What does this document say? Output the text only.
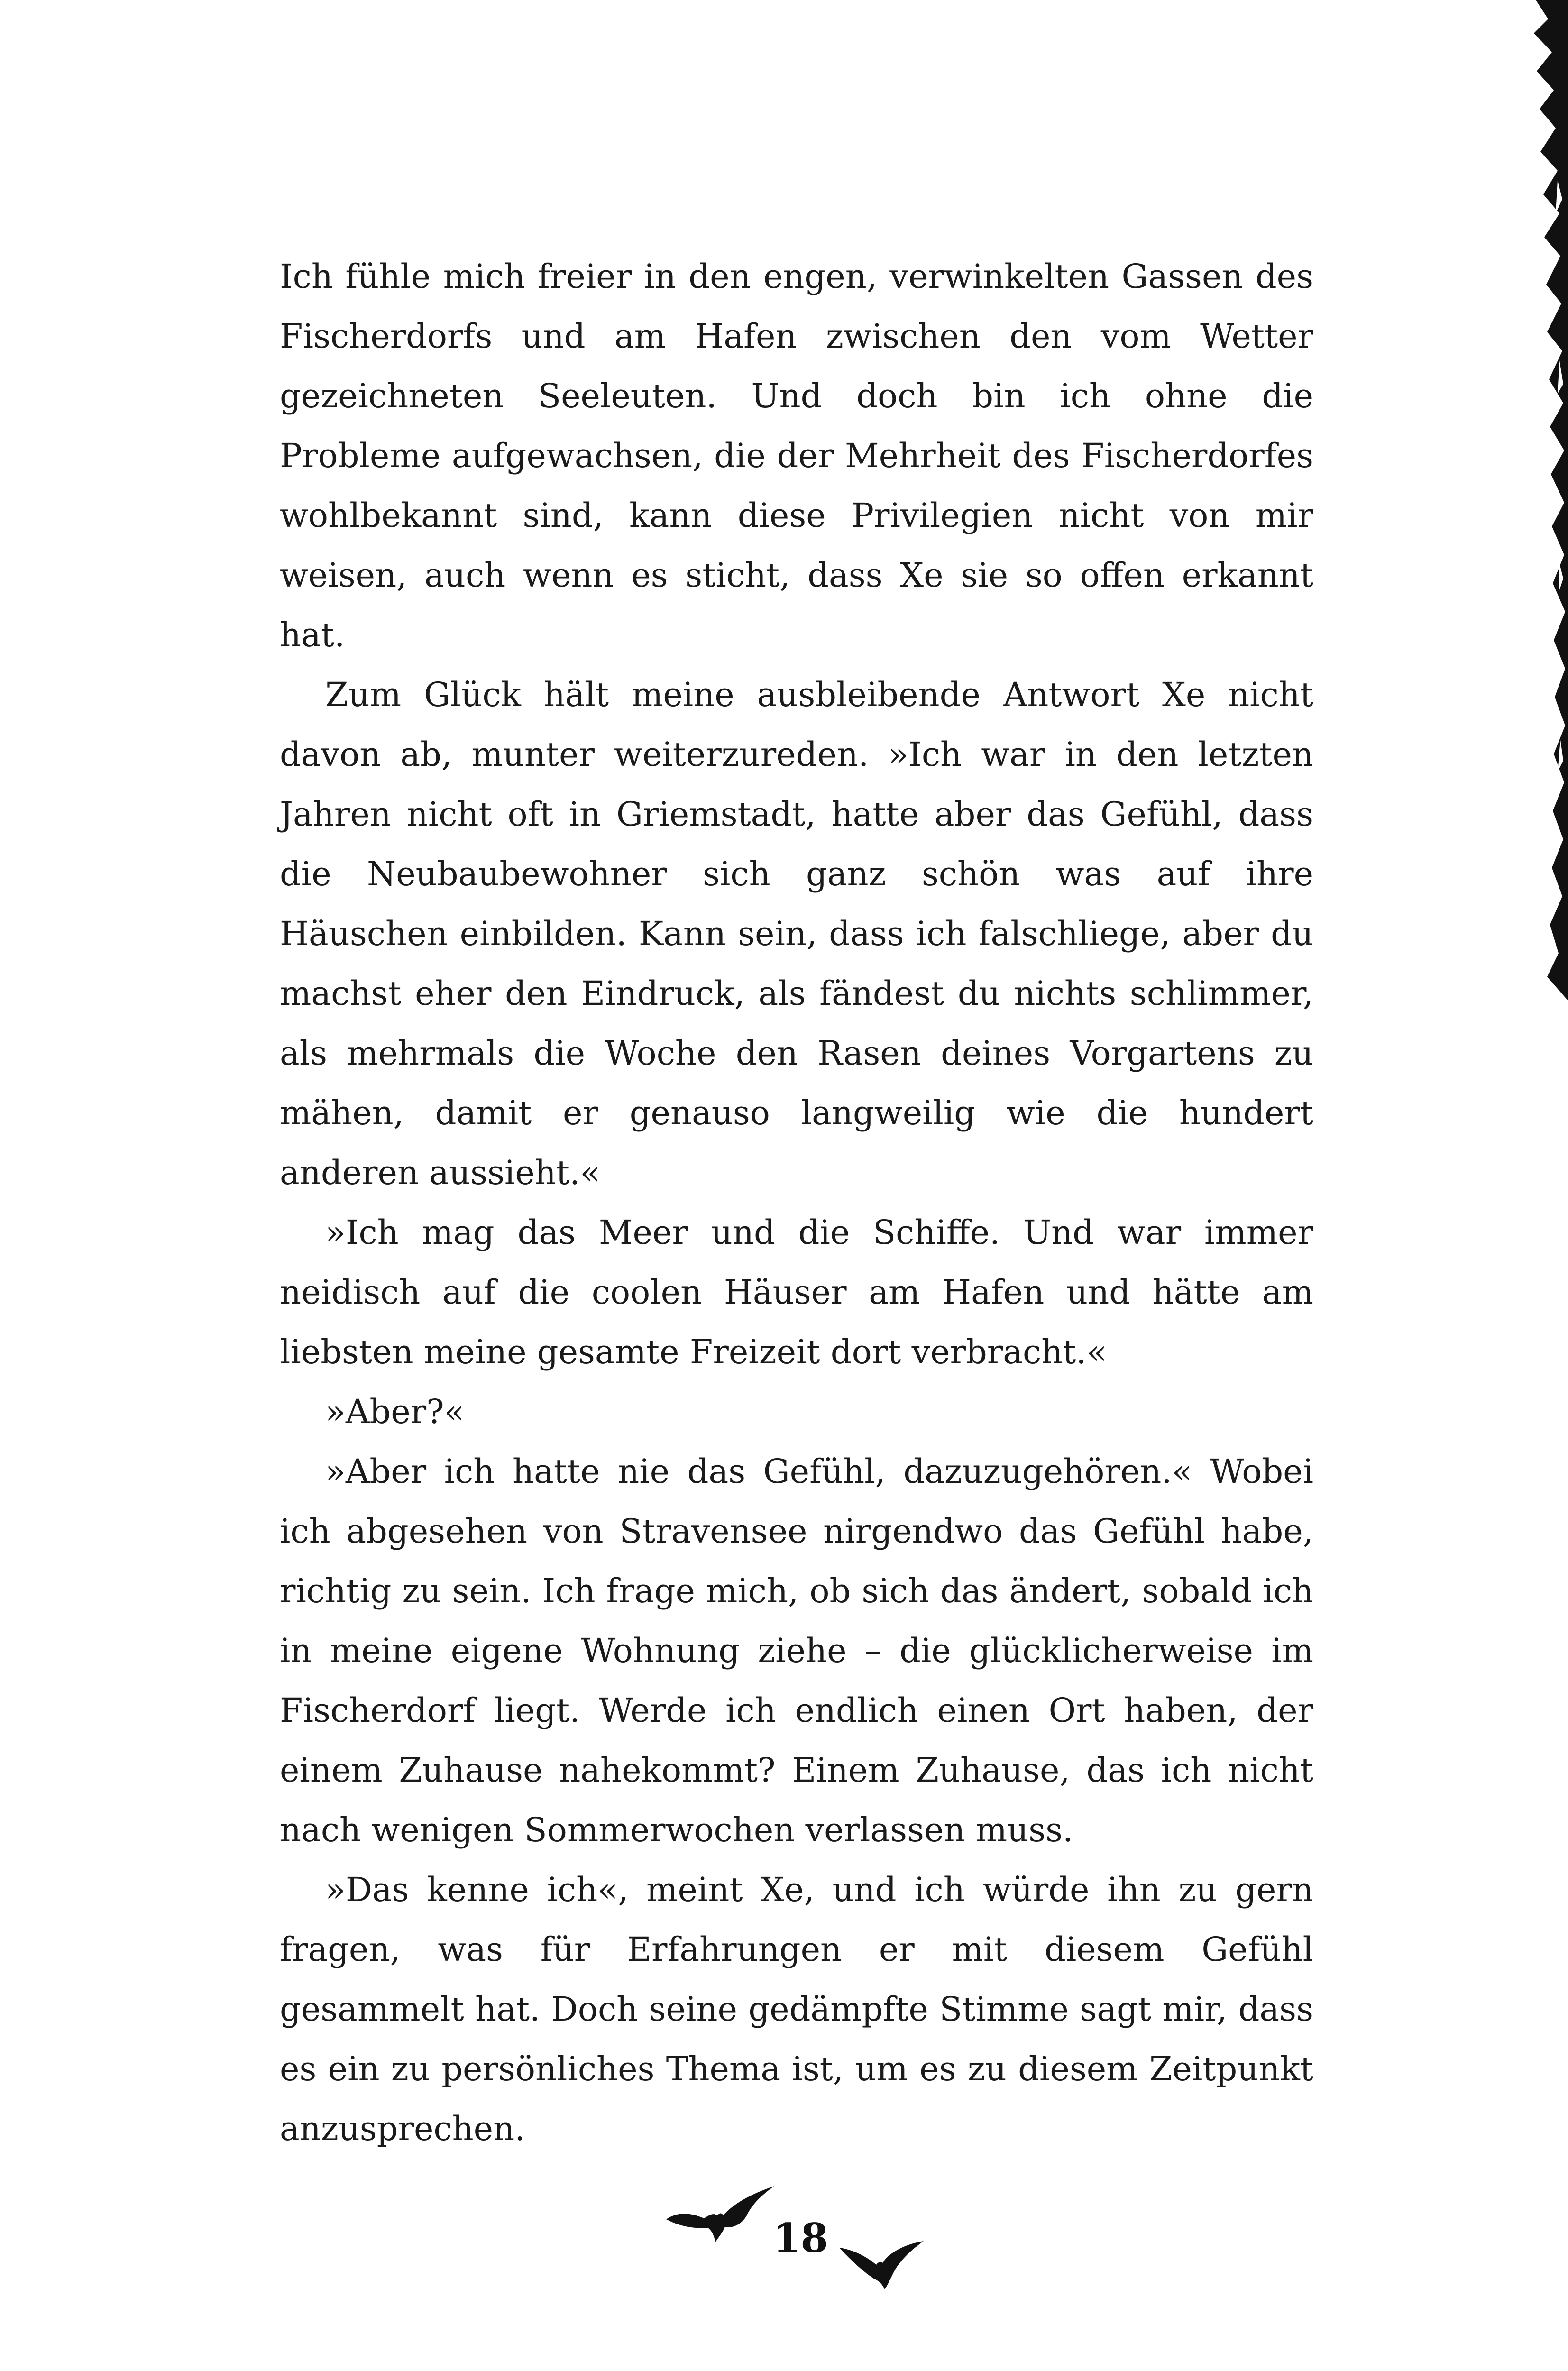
Ich fühle mich freier in den engen, verwinkelten Gassen des Fischerdorfs und am Hafen zwischen den vom Wetter gezeichneten Seeleuten. Und doch bin ich ohne die Probleme aufgewachsen, die der Mehrheit des Fischerdorfes wohlbekannt sind, kann diese Privilegien nicht von mir weisen, auch wenn es sticht, dass Xe sie so offen erkannt hat.

Zum Glück hält meine ausbleibende Antwort Xe nicht davon ab, munter weiterzureden. »Ich war in den letzten Jahren nicht oft in Griemstadt, hatte aber das Gefühl, dass die Neubaubewohner sich ganz schön was auf ihre Häuschen einbilden. Kann sein, dass ich falschliege, aber du machst eher den Eindruck, als fändest du nichts schlimmer, als mehrmals die Woche den Rasen deines Vorgartens zu mähen, damit er genauso langweilig wie die hundert anderen aussieht.«

»Ich mag das Meer und die Schiffe. Und war immer neidisch auf die coolen Häuser am Hafen und hätte am liebsten meine gesamte Freizeit dort verbracht.«

»Aber?«

»Aber ich hatte nie das Gefühl, dazuzugehören.« Wobei ich abgesehen von Stravensee nirgendwo das Gefühl habe, richtig zu sein. Ich frage mich, ob sich das ändert, sobald ich in meine eigene Wohnung ziehe – die glücklicherweise im Fischerdorf liegt. Werde ich endlich einen Ort haben, der einem Zuhause nahekommt? Einem Zuhause, das ich nicht nach wenigen Sommerwochen verlassen muss.

»Das kenne ich«, meint Xe, und ich würde ihn zu gern fragen, was für Erfahrungen er mit diesem Gefühl gesammelt hat. Doch seine gedämpfte Stimme sagt mir, dass es ein zu persönliches Thema ist, um es zu diesem Zeitpunkt anzusprechen.

18
